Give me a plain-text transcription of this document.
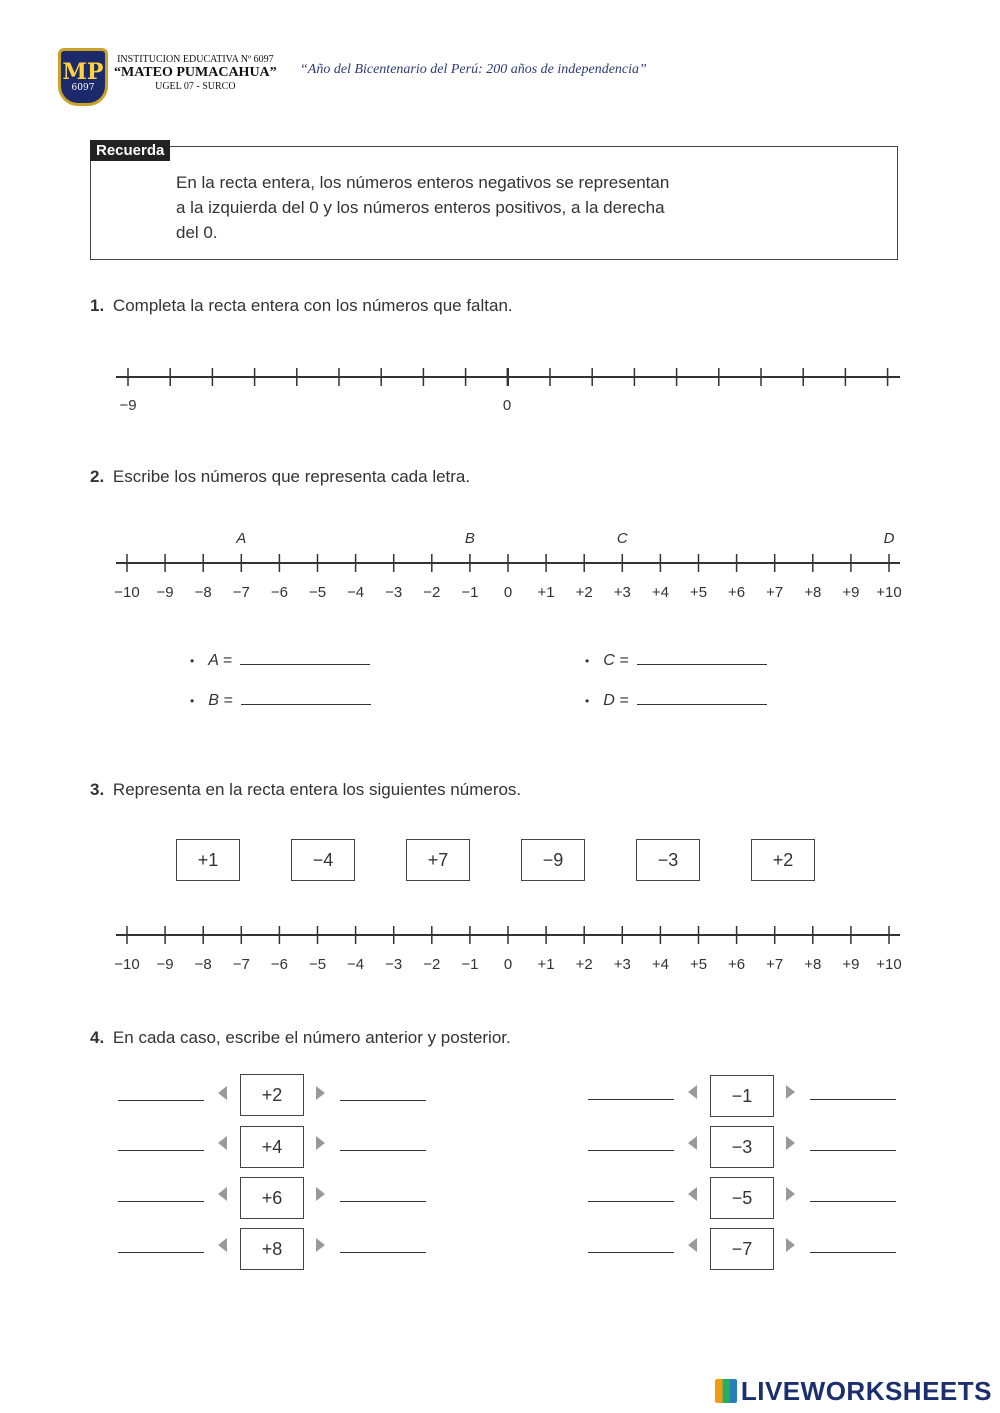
MP
6097
INSTITUCION EDUCATIVA Nº 6097
“MATEO PUMACAHUA”
UGEL 07 - SURCO
“Año del Bicentenario del Perú: 200 años de independencia”
Recuerda
En la recta entera, los números enteros negativos se representan
a la izquierda del 0 y los números enteros positivos, a la derecha
del 0.
1. Completa la recta entera con los números que faltan.
−9	0
2. Escribe los números que representa cada letra.
−10 −9 −8 −7 −6 −5 −4 −3 −2 −1 0 +1 +2 +3 +4 +5 +6 +7 +8 +9 +10
A	B	C	D
• A =
• B =
• C =
• D =
3. Representa en la recta entera los siguientes números.
+1	−4	+7	−9	−3	+2
−10 −9 −8 −7 −6 −5 −4 −3 −2 −1 0 +1 +2 +3 +4 +5 +6 +7 +8 +9 +10
4. En cada caso, escribe el número anterior y posterior.
+2
+4
+6
+8
−1
−3
−5
−7
LIVEWORKSHEETS
